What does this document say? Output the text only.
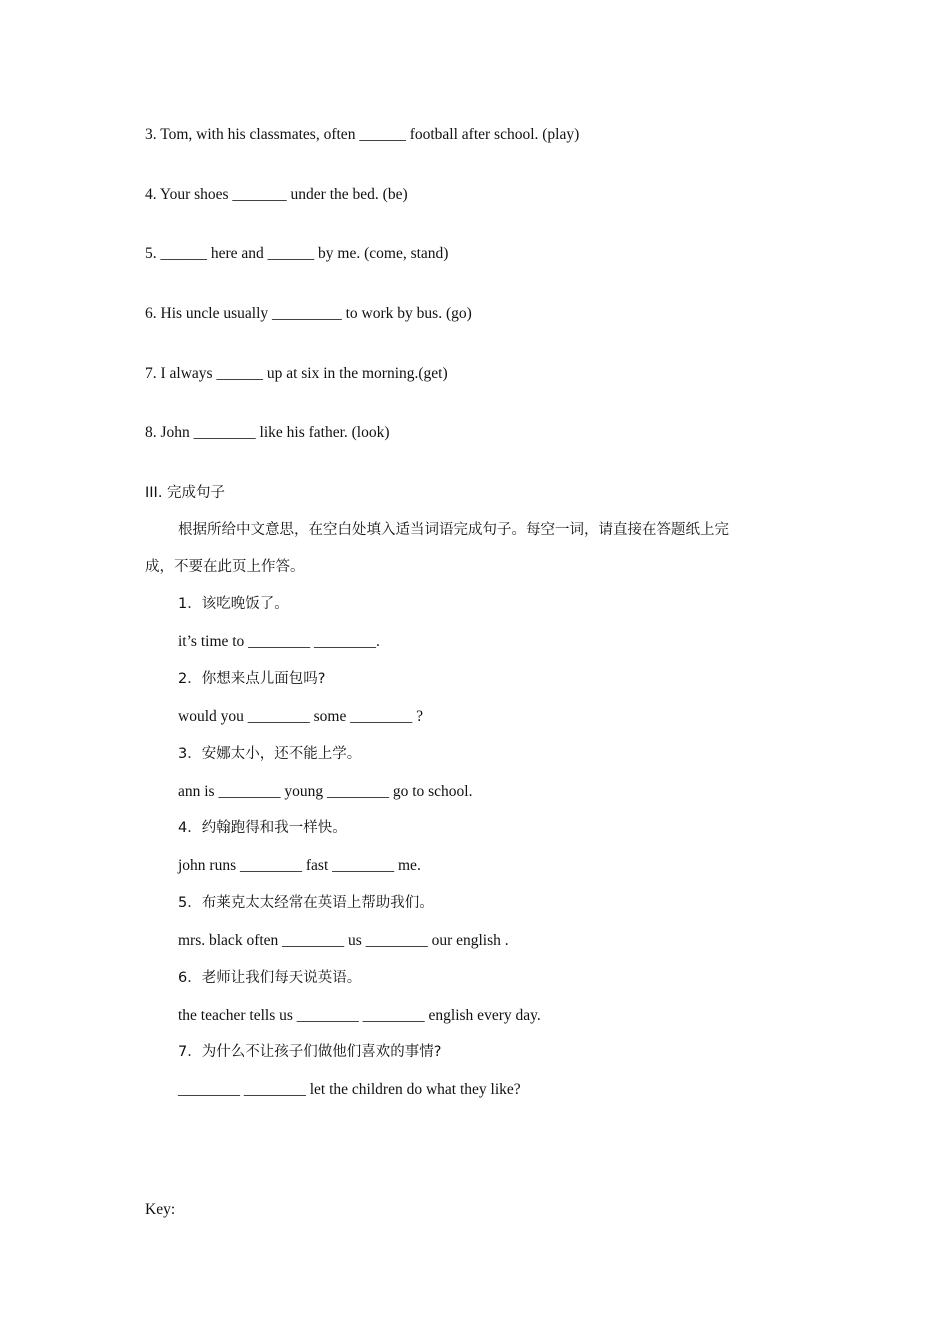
3. Tom, with his classmates, often ______ football after school. (play)
4. Your shoes _______ under the bed. (be)
5. ______ here and ______ by me. (come, stand)
6. His uncle usually _________ to work by bus. (go)
7. I always ______ up at six in the morning.(get)
8. John ________ like his father. (look)
III. 完成句子
根据所给中文意思，在空白处填入适当词语完成句子。每空一词，请直接在答题纸上完
成，不要在此页上作答。
1．该吃晚饭了。
it’s time to ________ ________.
2．你想来点儿面包吗?
would you ________ some ________ ?
3．安娜太小，还不能上学。
ann is ________ young ________ go to school.
4．约翰跑得和我一样快。
john runs ________ fast ________ me.
5．布莱克太太经常在英语上帮助我们。
mrs. black often ________ us ________ our english .
6．老师让我们每天说英语。
the teacher tells us ________ ________ english every day.
7．为什么不让孩子们做他们喜欢的事情?
________ ________ let the children do what they like?
Key:
